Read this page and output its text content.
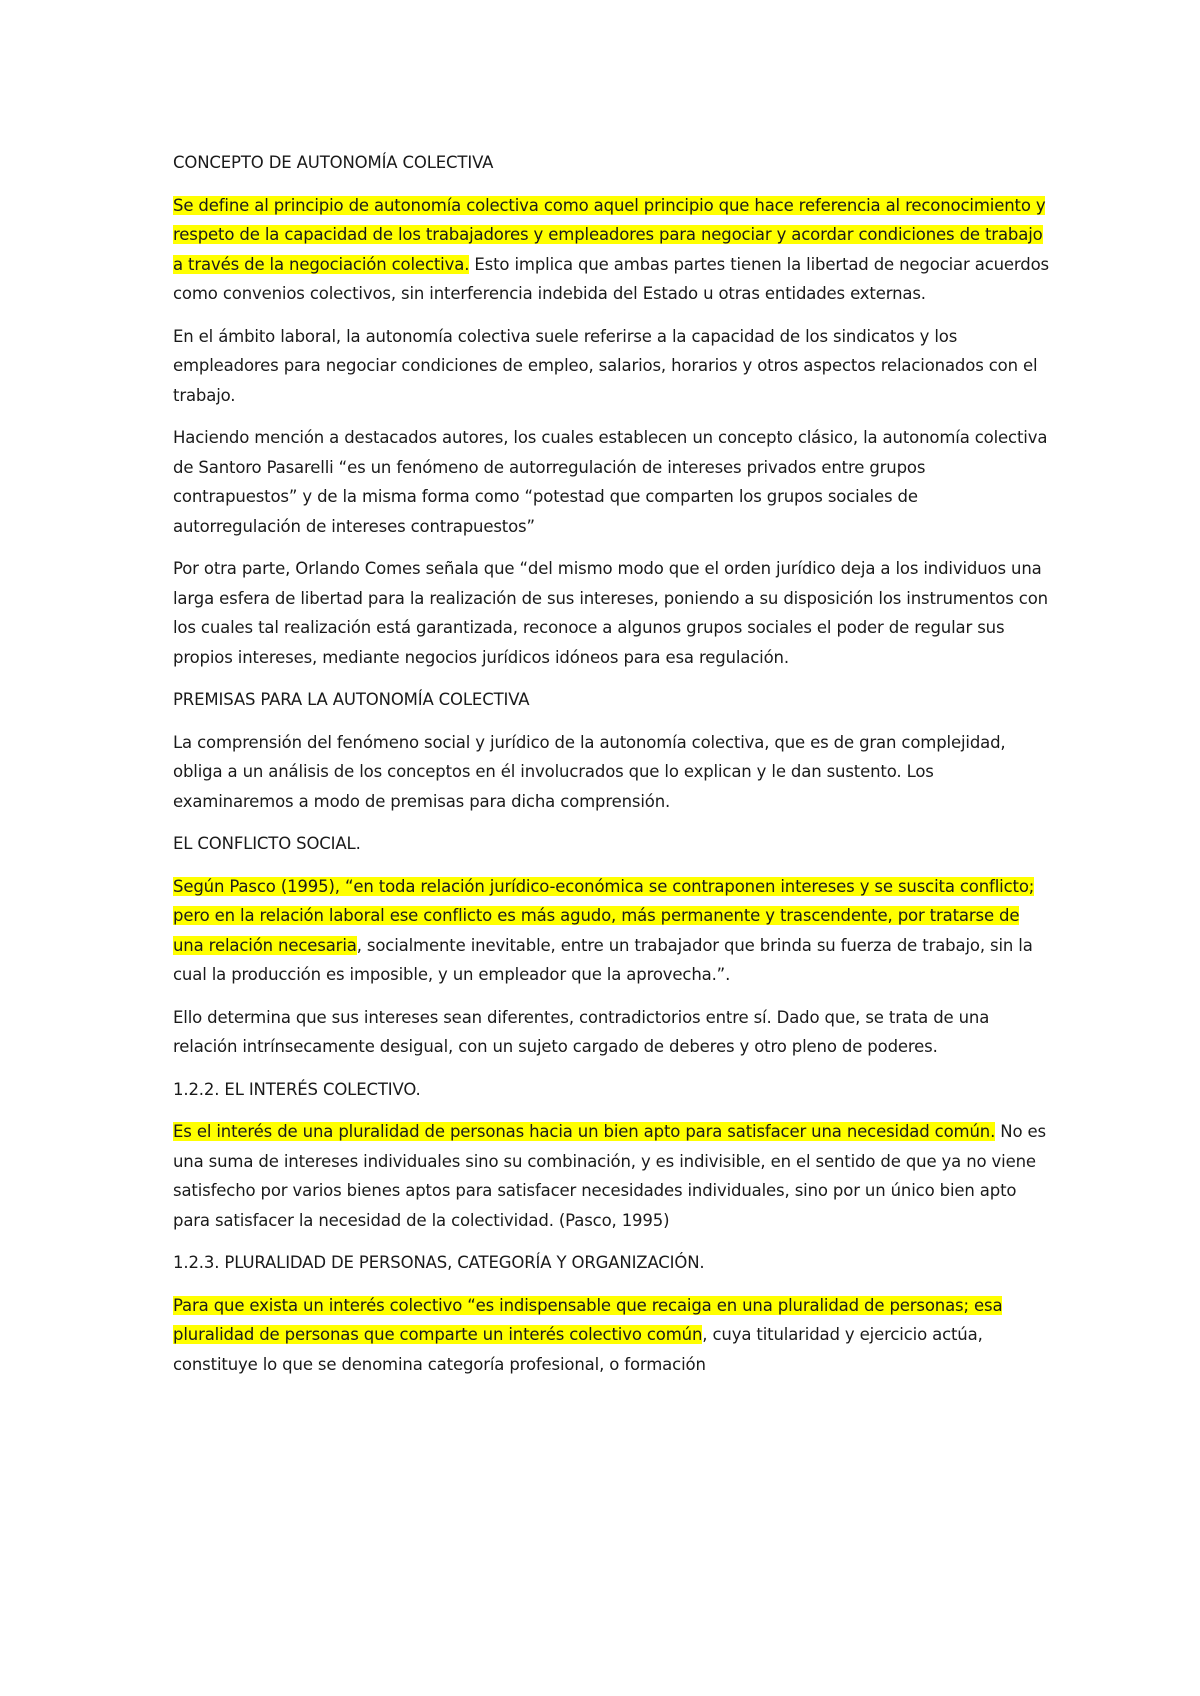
CONCEPTO DE AUTONOMÍA COLECTIVA

Se define al principio de autonomía colectiva como aquel principio que hace referencia al reconocimiento y respeto de la capacidad de los trabajadores y empleadores para negociar y acordar condiciones de trabajo a través de la negociación colectiva. Esto implica que ambas partes tienen la libertad de negociar acuerdos como convenios colectivos, sin interferencia indebida del Estado u otras entidades externas.

En el ámbito laboral, la autonomía colectiva suele referirse a la capacidad de los sindicatos y los empleadores para negociar condiciones de empleo, salarios, horarios y otros aspectos relacionados con el trabajo.

Haciendo mención a destacados autores, los cuales establecen un concepto clásico, la autonomía colectiva de Santoro Pasarelli “es un fenómeno de autorregulación de intereses privados entre grupos contrapuestos” y de la misma forma como “potestad que comparten los grupos sociales de autorregulación de intereses contrapuestos”

Por otra parte, Orlando Comes señala que “del mismo modo que el orden jurídico deja a los individuos una larga esfera de libertad para la realización de sus intereses, poniendo a su disposición los instrumentos con los cuales tal realización está garantizada, reconoce a algunos grupos sociales el poder de regular sus propios intereses, mediante negocios jurídicos idóneos para esa regulación.

PREMISAS PARA LA AUTONOMÍA COLECTIVA

La comprensión del fenómeno social y jurídico de la autonomía colectiva, que es de gran complejidad, obliga a un análisis de los conceptos en él involucrados que lo explican y le dan sustento. Los examinaremos a modo de premisas para dicha comprensión.

EL CONFLICTO SOCIAL.

Según Pasco (1995), “en toda relación jurídico-económica se contraponen intereses y se suscita conflicto; pero en la relación laboral ese conflicto es más agudo, más permanente y trascendente, por tratarse de una relación necesaria, socialmente inevitable, entre un trabajador que brinda su fuerza de trabajo, sin la cual la producción es imposible, y un empleador que la aprovecha.”.

Ello determina que sus intereses sean diferentes, contradictorios entre sí. Dado que, se trata de una relación intrínsecamente desigual, con un sujeto cargado de deberes y otro pleno de poderes.

1.2.2. EL INTERÉS COLECTIVO.

Es el interés de una pluralidad de personas hacia un bien apto para satisfacer una necesidad común. No es una suma de intereses individuales sino su combinación, y es indivisible, en el sentido de que ya no viene satisfecho por varios bienes aptos para satisfacer necesidades individuales, sino por un único bien apto para satisfacer la necesidad de la colectividad. (Pasco, 1995)

1.2.3. PLURALIDAD DE PERSONAS, CATEGORÍA Y ORGANIZACIÓN.

Para que exista un interés colectivo “es indispensable que recaiga en una pluralidad de personas; esa pluralidad de personas que comparte un interés colectivo común, cuya titularidad y ejercicio actúa, constituye lo que se denomina categoría profesional, o formación
